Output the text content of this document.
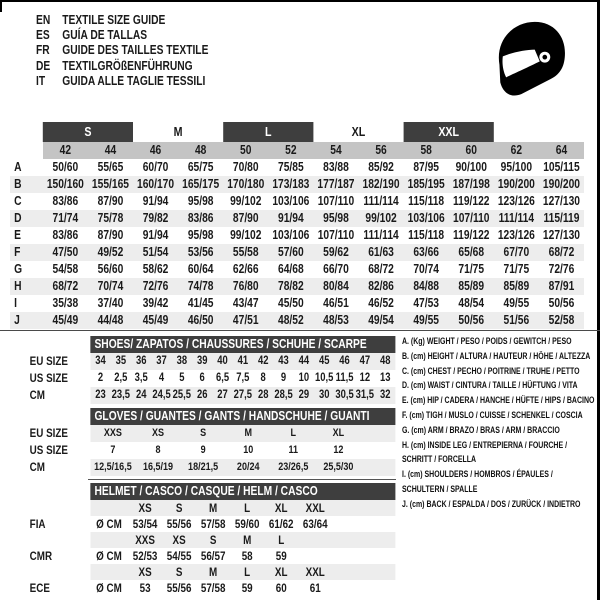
EN TEXTILE SIZE GUIDE
ES	GUÍA DE TALLAS
FR	GUIDE DES TAILLES TEXTILE
DE TEXTILGRÖßENFÜHRUNG
IT	GUIDA ALLE TAGLIE TESSILI
S	M	L	XL	XXL
42	44	46	48	50	52	54	56	58	60	62	64
A	50/60	55/65	60/70	65/75	70/80	75/85	83/88	85/92	87/95	90/100	95/100 105/115
B	150/160 155/165 160/170 165/175 170/180 173/183 177/187 182/190 185/195 187/198 190/200 190/200
C	83/86	87/90	91/94	95/98	99/102 103/106 107/110 111/114 115/118 119/122 123/126 127/130
D	71/74	75/78	79/82	83/86	87/90	91/94	95/98	99/102 103/106 107/110 111/114 115/119
E	83/86	87/90	91/94	95/98	99/102 103/106 107/110 111/114 115/118 119/122 123/126 127/130
F	47/50	49/52	51/54	53/56	55/58	57/60	59/62	61/63	63/66	65/68	67/70	68/72
G	54/58	56/60	58/62	60/64	62/66	64/68	66/70	68/72	70/74	71/75	71/75	72/76
H	68/72	70/74	72/76	74/78	76/80	78/82	80/84	82/86	84/88	85/89	85/89	87/91
I	35/38	37/40	39/42	41/45	43/47	45/50	46/51	46/52	47/53	48/54	49/55	50/56
J	45/49	44/48	45/49	46/50	47/51	48/52	48/53	49/54	49/55	50/56	51/56	52/58
SHOES/ ZAPATOS / CHAUSSURES / SCHUHE / SCARPE
EU SIZE	34 35 36 37 38 39 40 41 42 43 44 45 46 47 48
US SIZE	2 2,5 3,5 4	5	6 6,5 7,5 8	9	10 10,5 11,5 12 13
CM	23 23,5 24 24,5 25,5 26 27 27,5 28 28,5 29 30 30,5 31,5 32
GLOVES / GUANTES / GANTS / HANDSCHUHE / GUANTI
EU SIZE	XXS	XS	S	M	L	XL
US SIZE	7	8	9	10	11	12
CM	12,5/16,5	16,5/19	18/21,5	20/24	23/26,5	25,5/30
HELMET / CASCO / CASQUE / HELM / CASCO
XS	S	M	L	XL	XXL
FIA	Ø CM 53/54 55/56 57/58 59/60 61/62 63/64
XXS	XS	S	M	L
CMR	Ø CM 52/53 54/55 56/57	58	59
XS	S	M	L	XL	XXL
ECE	Ø CM	53	55/56 57/58	59	60	61

A. (Kg) WEIGHT / PESO / POIDS / GEWITCH / PESO

B. (cm) HEIGHT / ALTURA / HAUTEUR / HÖHE / ALTEZZA

C. (cm) CHEST / PECHO / POITRINE / TRUHE / PETTO

D. (cm) WAIST / CINTURA / TAILLE / HÜFTUNG / VITA

E. (cm) HIP / CADERA / HANCHE / HÜFTE / HIPS / BACINO

F. (cm) TIGH / MUSLO / CUISSE / SCHENKEL / COSCIA

G. (cm) ARM / BRAZO / BRAS / ARM / BRACCIO

H. (cm) INSIDE LEG / ENTREPIERNA / FOURCHE / SCHRITT / FORCELLA

I. (cm) SHOULDERS / HOMBROS / ÉPAULES / SCHULTERN / SPALLE

J. (cm) BACK / ESPALDA / DOS / ZURÜCK / INDIETRO
